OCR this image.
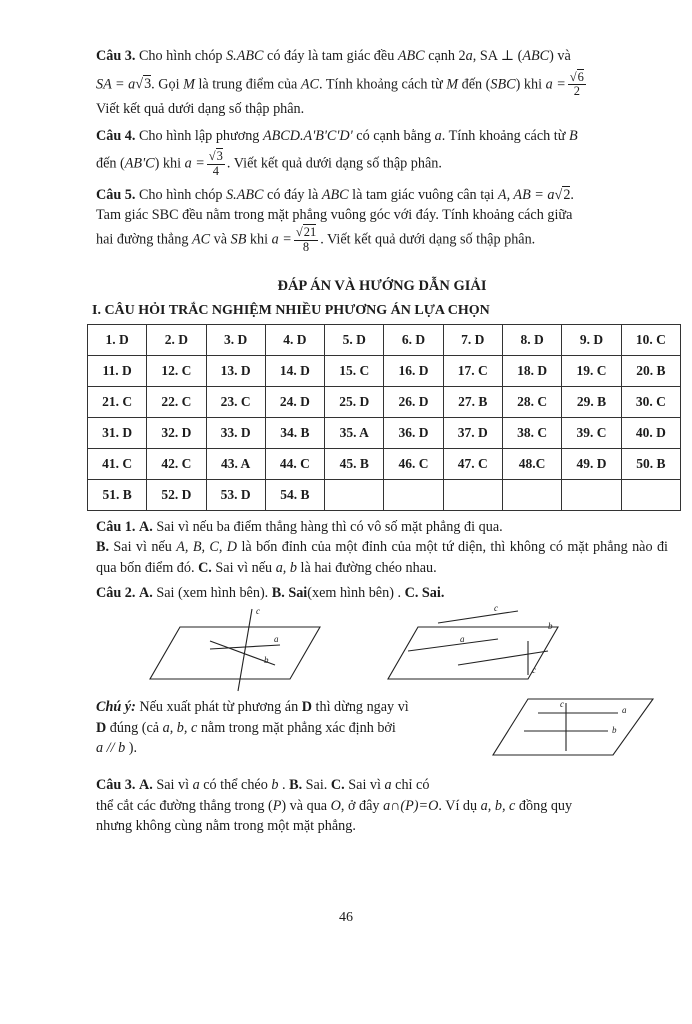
Câu 3. Cho hình chóp S.ABC có đáy là tam giác đều ABC cạnh 2a, SA ⊥ (ABC) và

SA = a √ 3. Gọi M là trung điểm của AC. Tính khoảng cách từ M đến (SBC) khi a = √ $\frac{6}{2}$

Viết kết quả dưới dạng số thập phân.

Câu 4. Cho hình lập phương ABCD.A'B'C'D' có cạnh bằng a. Tính khoảng cách từ B

đến (AB'C) khi a = √ $\frac{3}{4}$ . Viết kết quả dưới dạng số thập phân.

Câu 5. Cho hình chóp S.ABC có đáy là ABC là tam giác vuông cân tại A, AB = a √ 2.

Tam giác SBC đều nằm trong mặt phẳng vuông góc với đáy. Tính khoảng cách giữa

hai đường thẳng AC và SB khi a = √ $\frac{21}{8}$ . Viết kết quả dưới dạng số thập phân.

ĐÁP ÁN VÀ HƯỚNG DẪN GIẢI
I. CÂU HỎI TRẮC NGHIỆM NHIỀU PHƯƠNG ÁN LỰA CHỌN
1. D	2. D	3. D	4. D	5. D	6. D	7. D	8. D	9. D	10. C
11. D	12. C	13. D	14. D	15. C	16. D	17. C	18. D	19. C	20. B
21. C	22. C	23. C	24. D	25. D	26. D	27. B	28. C	29. B	30. C
31. D	32. D	33. D	34. B	35. A	36. D	37. D	38. C	39. C	40. D
41. C	42. C	43. A	44. C	45. B	46. C	47. C	48.C	49. D	50. B
51. B	52. D	53. D	54. B						

Câu 1. A. Sai vì nếu ba điểm thẳng hàng thì có vô số mặt phẳng đi qua.

B. Sai vì nếu A, B, C, D là bốn đỉnh của một đỉnh của một tứ diện, thì không có mặt phẳng nào đi qua bốn điểm đó. C. Sai vì nếu a, b là hai đường chéo nhau.

Câu 2. A. Sai (xem hình bên). B. Sai(xem hình bên) . C. Sai.

c
a
b
c
a
b
c

Chú ý: Nếu xuất phát từ phương án D thì dừng ngay vì

D đúng (cả a, b, c nằm trong mặt phẳng xác định bởi

a // b ).

c
a
b

Câu 3. A. Sai vì a có thể chéo b . B. Sai. C. Sai vì a chỉ có

thể cắt các đường thẳng trong (P) và qua O, ở đây a∩(P)=O. Ví dụ a, b, c đồng quy

nhưng không cùng nằm trong một mặt phẳng.

46
